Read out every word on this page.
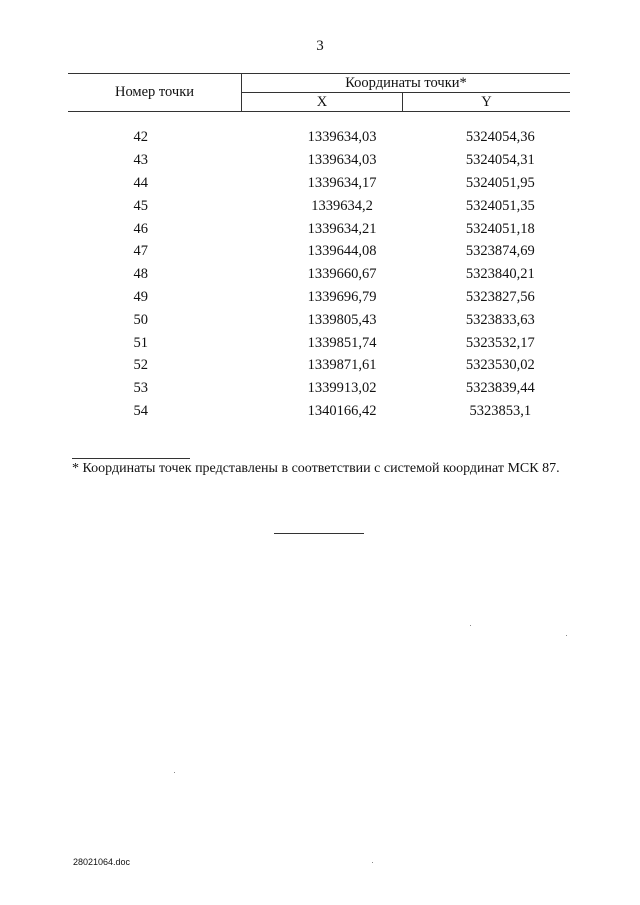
3
Номер точки	Координаты точки*	
	X	Y

42	1339634,03	5324054,36
43	1339634,03	5324054,31
44	1339634,17	5324051,95
45	1339634,2	5324051,35
46	1339634,21	5324051,18
47	1339644,08	5323874,69
48	1339660,67	5323840,21
49	1339696,79	5323827,56
50	1339805,43	5323833,63
51	1339851,74	5323532,17
52	1339871,61	5323530,02
53	1339913,02	5323839,44
54	1340166,42	5323853,1
* Координаты точек представлены в соответствии с системой координат МСК 87.
28021064.doc
